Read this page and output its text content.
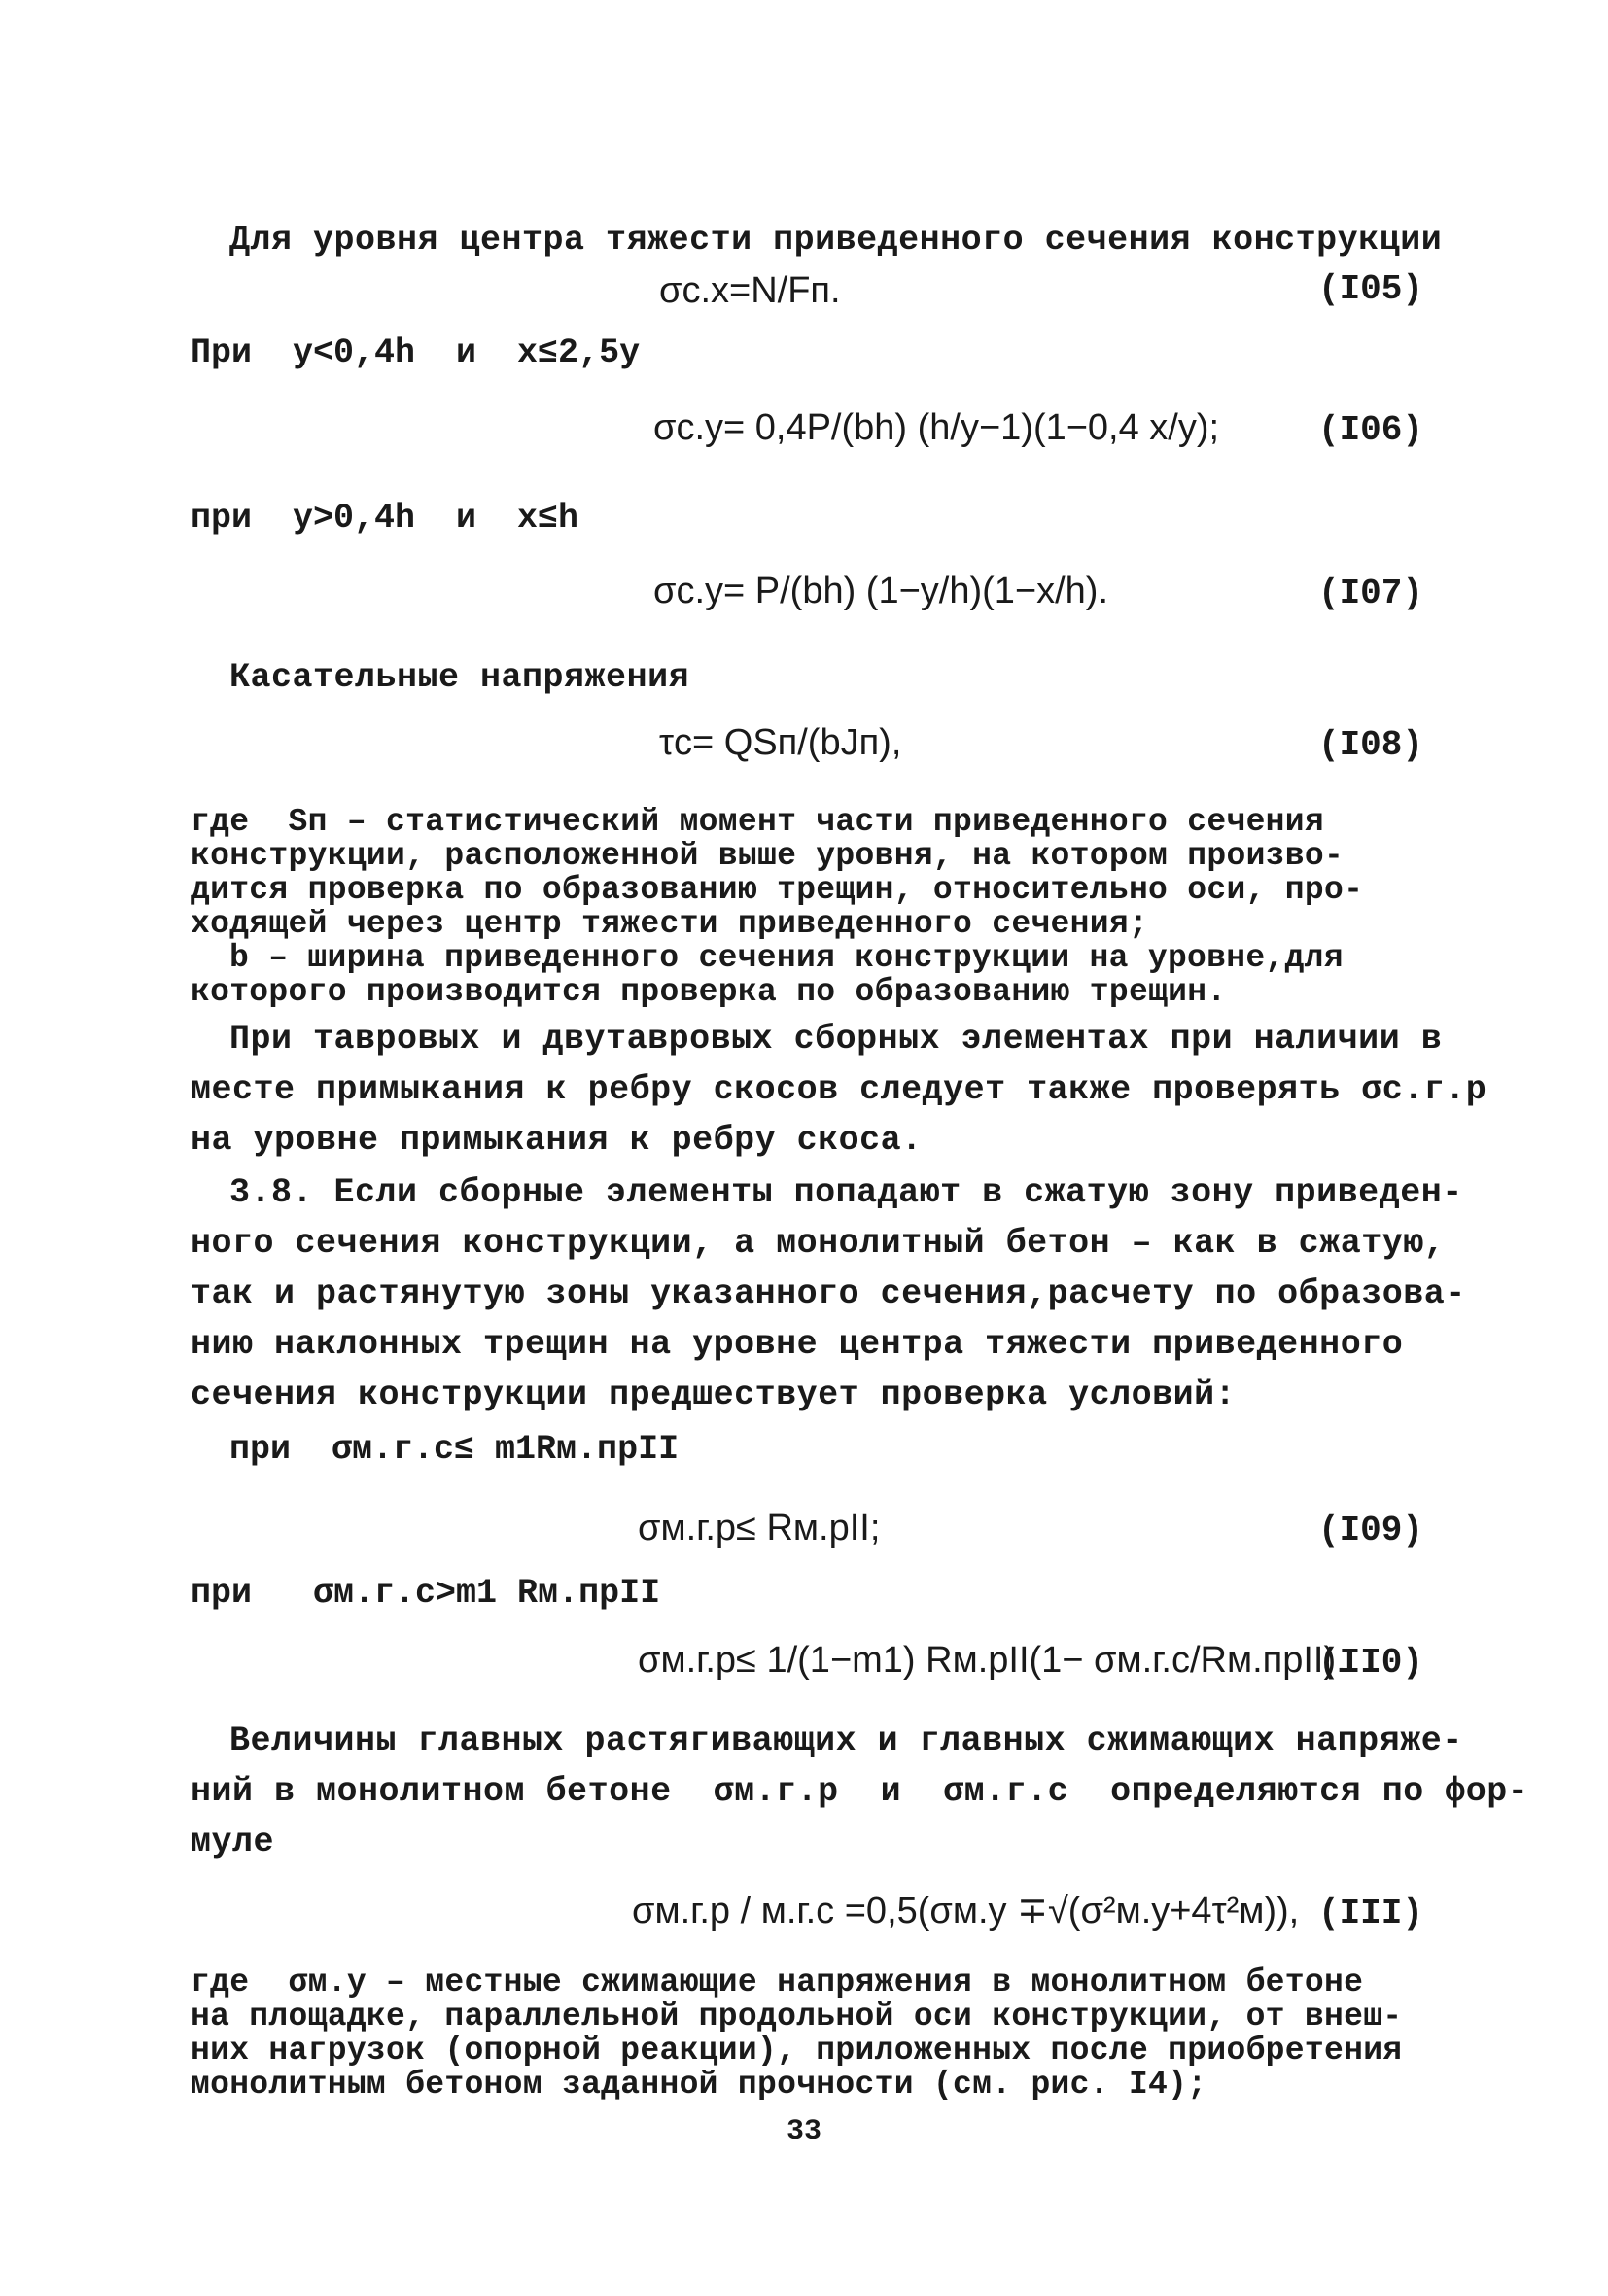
Для уровня центра тяжести приведенного сечения конструкции
σc.x=N/Fп.	(I05)
При  y<0,4h  и  x≤2,5y
σc.y= 0,4P/(bh) (h/y−1)(1−0,4 x/y);	(I06)
при  y>0,4h  и  x≤h
σc.y= P/(bh) (1−y/h)(1−x/h).	(I07)
Касательные напряжения
τc= QSп/(bJп),	(I08)
где  Sп – статистический момент части приведенного сечения
конструкции, расположенной выше уровня, на котором произво-
дится проверка по образованию трещин, относительно оси, про-
ходящей через центр тяжести приведенного сечения;
b – ширина приведенного сечения конструкции на уровне,для
которого производится проверка по образованию трещин.
При тавровых и двутавровых сборных элементах при наличии в
месте примыкания к ребру скосов следует также проверять σc.г.р
на уровне примыкания к ребру скоса.
3.8. Если сборные элементы попадают в сжатую зону приведен-
ного сечения конструкции, а монолитный бетон – как в сжатую,
так и растянутую зоны указанного сечения,расчету по образова-
нию наклонных трещин на уровне центра тяжести приведенного
сечения конструкции предшествует проверка условий:
при  σм.г.с≤ m1Rм.прII
σм.г.р≤ Rм.рII;	(I09)
при   σм.г.с>m1 Rм.прII
σм.г.р≤ 1/(1−m1) Rм.рII(1− σм.г.с/Rм.прII).
(II0)
Величины главных растягивающих и главных сжимающих напряже-
ний в монолитном бетоне  σм.г.р  и  σм.г.с  определяются по фор-
муле
σм.г.р / м.г.с =0,5(σм.у ∓√(σ²м.у+4τ²м)), (III)
где  σм.у – местные сжимающие напряжения в монолитном бетоне
на площадке, параллельной продольной оси конструкции, от внеш-
них нагрузок (опорной реакции), приложенных после приобретения
монолитным бетоном заданной прочности (см. рис. I4);
33
